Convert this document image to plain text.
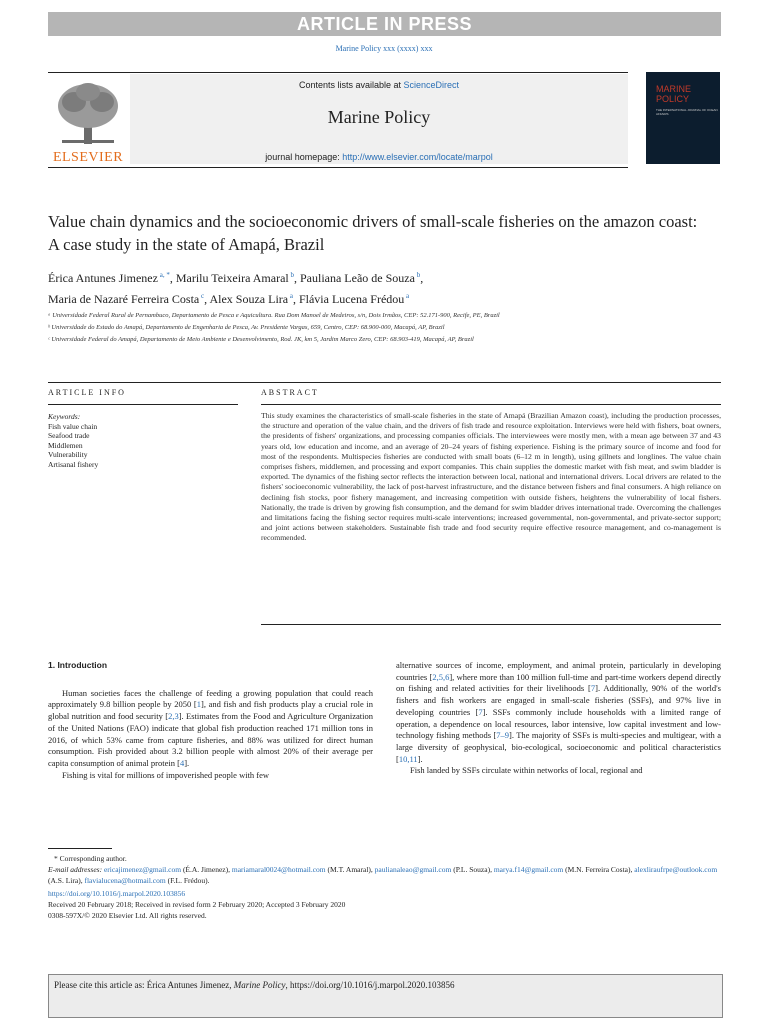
ARTICLE IN PRESS
Marine Policy xxx (xxxx) xxx
ELSEVIER
Contents lists available at ScienceDirect
Marine Policy
journal homepage: http://www.elsevier.com/locate/marpol
MARINE POLICY
THE INTERNATIONAL JOURNAL OF OCEAN AFFAIRS
Value chain dynamics and the socioeconomic drivers of small-scale fisheries on the amazon coast: A case study in the state of Amapá, Brazil
Érica Antunes Jimenez $^{a, *}$, Marilu Teixeira Amaral $^b$, Pauliana Leão de Souza $^b$,
Maria de Nazaré Ferreira Costa $^c$, Alex Souza Lira $^a$, Flávia Lucena Frédou $^a$

ᵃ Universidade Federal Rural de Pernambuco, Departamento de Pesca e Aquicultura. Rua Dom Manoel de Medeiros, s/n, Dois Irmãos, CEP: 52.171-900, Recife, PE, Brazil

ᵇ Universidade do Estado do Amapá, Departamento de Engenharia de Pesca, Av. Presidente Vargas, 659, Centro, CEP: 68.900-000, Macapá, AP, Brazil

ᶜ Universidade Federal do Amapá, Departamento de Meio Ambiente e Desenvolvimento, Rod. JK, km 5, Jardim Marco Zero, CEP: 68.903-419, Macapá, AP, Brazil

ARTICLE INFO	ABSTRACT
Keywords:
Fish value chain
Seafood trade
Middlemen
Vulnerability
Artisanal fishery
This study examines the characteristics of small-scale fisheries in the state of Amapá (Brazilian Amazon coast), including the production processes, the structure and operation of the value chain, and the drivers of fish trade and resource exploitation. Interviews were held with fishers, boat owners, the presidents of fishers' organizations, and processing companies officials. The interviewees were mostly men, with a mean age between 37 and 43 years old, low education and income, and an average of 20–24 years of fishing experience. Fishing is the primary source of income and food for most of the respondents. Multispecies fisheries are conducted with small boats (6–12 m in length), using gillnets and longlines. The value chain comprises fishers, middlemen, and processing and export companies. This chain supplies the domestic market with fish meat, and swim bladder is exported. The dynamics of the fishing sector reflects the interaction between local, national and international drivers. Local drivers are related to the fishers' socioeconomic vulnerability, the lack of post-harvest infrastructure, and the distance between fishers and final consumers. A high reliance on declining fish stocks, poor fishery management, and increasing competition with outside fishers, heightens the vulnerability of local fishers. Nationally, the trade is driven by growing fish consumption, and the demand for swim bladder drives international trade. Overcoming the challenges and limitations facing the fishing sector requires multi-scale interventions; increased governmental, non-governmental, and private-sector support; and joint actions between stakeholders. Sustainable fish trade and food security require effective resource management, and co-management is recommended.

1. Introduction

Human societies faces the challenge of feeding a growing population that could reach approximately 9.8 billion people by 2050 [1], and fish and fish products play a crucial role in global nutrition and food security [2,3]. Estimates from the Food and Agriculture Organization of the United Nations (FAO) indicate that global fish production reached 171 million tons in 2016, of which 53% came from capture fisheries, and 88% was utilized for direct human consumption. Fish provided about 3.2 billion people with almost 20% of their average per capita consumption of animal protein [4].

Fishing is vital for millions of impoverished people with few

alternative sources of income, employment, and animal protein, particularly in developing countries [2,5,6], where more than 100 million full-time and part-time workers depend directly on fishing and related activities for their livelihoods [7]. Additionally, 90% of the world's fishers and fish workers are engaged in small-scale fisheries (SSFs), and 97% live in developing countries [7]. SSFs commonly include households with a limited range of operation, a dependence on local resources, labor intensive, low capital investment and low-technology fishing methods [7–9]. The majority of SSFs is multi-species and multigear, with a large diversity of geophysical, bio-ecological, socioeconomic and political characteristics [10,11].

Fish landed by SSFs circulate within networks of local, regional and

* Corresponding author.

E-mail addresses: ericajimenez@gmail.com (É.A. Jimenez), mariamaral0024@hotmail.com (M.T. Amaral), paulianaleao@gmail.com (P.L. Souza), marya.f14@gmail.com (M.N. Ferreira Costa), alexliraufrpe@outlook.com (A.S. Lira), flavialucena@hotmail.com (F.L. Frédou).

https://doi.org/10.1016/j.marpol.2020.103856

Received 20 February 2018; Received in revised form 2 February 2020; Accepted 3 February 2020

0308-597X/© 2020 Elsevier Ltd. All rights reserved.

Please cite this article as: Érica Antunes Jimenez, Marine Policy, https://doi.org/10.1016/j.marpol.2020.103856
